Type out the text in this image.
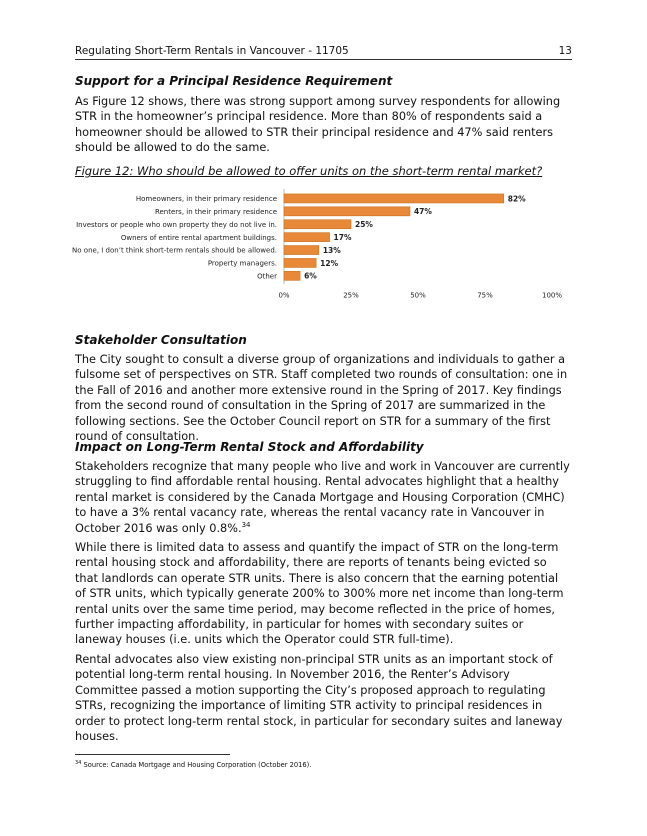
Regulating Short-Term Rentals in Vancouver - 11705	13
Support for a Principal Residence Requirement

As Figure 12 shows, there was strong support among survey respondents for allowing STR in the homeowner’s principal residence. More than 80% of respondents said a homeowner should be allowed to STR their principal residence and 47% said renters should be allowed to do the same.

Figure 12: Who should be allowed to offer units on the short-term rental market?
Homeowners, in their primary residence	82%
Renters, in their primary residence	47%
Investors or people who own property they do not live in.	25%
Owners of entire rental apartment buildings.	17%
No one, I don’t think short-term rentals should be allowed.	13%
Property managers.	12%
Other	6%
0%	25%	50%	75%	100%
Stakeholder Consultation

The City sought to consult a diverse group of organizations and individuals to gather a fulsome set of perspectives on STR. Staff completed two rounds of consultation: one in the Fall of 2016 and another more extensive round in the Spring of 2017. Key findings from the second round of consultation in the Spring of 2017 are summarized in the following sections. See the October Council report on STR for a summary of the first round of consultation.

Impact on Long-Term Rental Stock and Affordability

Stakeholders recognize that many people who live and work in Vancouver are currently struggling to find affordable rental housing. Rental advocates highlight that a healthy rental market is considered by the Canada Mortgage and Housing Corporation (CMHC) to have a 3% rental vacancy rate, whereas the rental vacancy rate in Vancouver in October 2016 was only 0.8%.$^{34}$

While there is limited data to assess and quantify the impact of STR on the long-term rental housing stock and affordability, there are reports of tenants being evicted so that landlords can operate STR units. There is also concern that the earning potential of STR units, which typically generate 200% to 300% more net income than long-term rental units over the same time period, may become reflected in the price of homes, further impacting affordability, in particular for homes with secondary suites or laneway houses (i.e. units which the Operator could STR full-time).

Rental advocates also view existing non-principal STR units as an important stock of potential long-term rental housing. In November 2016, the Renter’s Advisory Committee passed a motion supporting the City’s proposed approach to regulating STRs, recognizing the importance of limiting STR activity to principal residences in order to protect long-term rental stock, in particular for secondary suites and laneway houses.

$^{34}$ Source: Canada Mortgage and Housing Corporation (October 2016).
